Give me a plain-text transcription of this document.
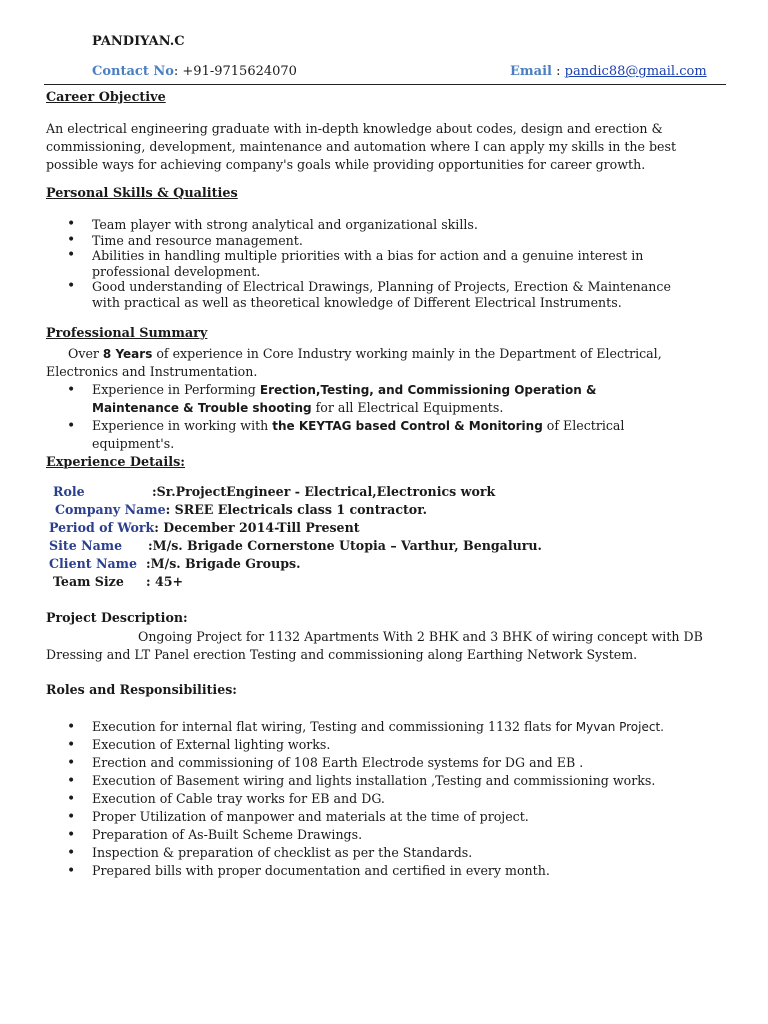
PANDIYAN.C
Contact No: +91-9715624070	Email : pandic88@gmail.com
Career Objective
An electrical engineering graduate with in-depth knowledge about codes, design and erection & commissioning, development, maintenance and automation where I can apply my skills in the best possible ways for achieving company's goals while providing opportunities for career growth.
Personal Skills & Qualities
• Team player with strong analytical and organizational skills.
• Time and resource management.
• Abilities in handling multiple priorities with a bias for action and a genuine interest in professional development.
• Good understanding of Electrical Drawings, Planning of Projects, Erection & Maintenance with practical as well as theoretical knowledge of Different Electrical Instruments.
Professional Summary
Over 8 Years of experience in Core Industry working mainly in the Department of Electrical, Electronics and Instrumentation.
• Experience in Performing Erection,Testing, and Commissioning Operation & Maintenance & Trouble shooting for all Electrical Equipments.
• Experience in working with the KEYTAG based Control & Monitoring of Electrical equipment's.
Experience Details:
Role	:Sr.ProjectEngineer - Electrical,Electronics work
Company Name: SREE Electricals class 1 contractor.
Period of Work: December 2014-Till Present
Site Name :M/s. Brigade Cornerstone Utopia – Varthur, Bengaluru.
Client Name :M/s. Brigade Groups.
Team Size : 45+
Project Description:
Ongoing Project for 1132 Apartments With 2 BHK and 3 BHK of wiring concept with DB Dressing and LT Panel erection Testing and commissioning along Earthing Network System.
Roles and Responsibilities:
• Execution for internal flat wiring, Testing and commissioning 1132 flats for Myvan Project.
• Execution of External lighting works.
• Erection and commissioning of 108 Earth Electrode systems for DG and EB .
• Execution of Basement wiring and lights installation ,Testing and commissioning works.
• Execution of Cable tray works for EB and DG.
• Proper Utilization of manpower and materials at the time of project.
• Preparation of As-Built Scheme Drawings.
• Inspection & preparation of checklist as per the Standards.
• Prepared bills with proper documentation and certified in every month.
